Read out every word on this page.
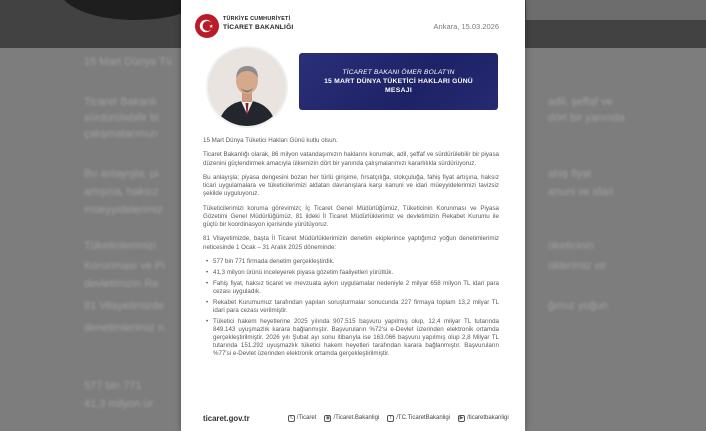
15 Mart Dünya Tü
Ticaret Bakanlı
sürdürülebilir bi
çalışmalarımızı
Bu anlayışla; pi
artışına, haksız
müeyyidelerimiz
Tüketicilerimizi
Korunması ve Pi
devletimizin Re
81 Vilayetimizde
denetimlerimiz n
577 bin 771
41,3 milyon ür
adil, şeffaf ve
dört bir yanında
ahiş fiyat
anuni ve idari
üketicinin
üklerimiz ve
ğımız yoğun
TÜRKİYE CUMHURİYETİ
TİCARET BAKANLIĞI	Ankara, 15.03.2026
TİCARET BAKANI ÖMER BOLAT'IN
15 MART DÜNYA TÜKETİCİ HAKLARI GÜNÜ
MESAJI

15 Mart Dünya Tüketici Hakları Günü kutlu olsun.

Ticaret Bakanlığı olarak, 86 milyon vatandaşımızın haklarını korumak, adil, şeffaf ve sürdürülebilir bir piyasa düzenini güçlendirmek amacıyla ülkemizin dört bir yanında çalışmalarımızı kararlılıkla sürdürüyoruz.

Bu anlayışla; piyasa dengesini bozan her türlü girişime, fırsatçılığa, stokçuluğa, fahiş fiyat artışına, haksız ticari uygulamalara ve tüketicilerimizi aldatan davranışlara karşı kanuni ve idari müeyyidelerimizi tavizsiz şekilde uyguluyoruz.

Tüketicilerimizi koruma görevimizi; İç Ticaret Genel Müdürlüğümüz, Tüketicinin Korunması ve Piyasa Gözetimi Genel Müdürlüğümüz, 81 ildeki İl Ticaret Müdürlüklerimiz ve devletimizin Rekabet Kurumu ile güçlü bir koordinasyon içerisinde yürütüyoruz.

81 Vilayetimizde, başta İl Ticaret Müdürlüklerimizin denetim ekiplerince yaptığımız yoğun denetimlerimiz neticesinde 1 Ocak – 31 Aralık 2025 döneminde:

• 577 bin 771 firmada denetim gerçekleştirdik.
• 41,3 milyon ürünü inceleyerek piyasa gözetim faaliyetleri yürüttük.
• Fahiş fiyat, haksız ticaret ve mevzuata aykırı uygulamalar nedeniyle 2 milyar 658 milyon TL idari para cezası uyguladık.
• Rekabet Kurumumuz tarafından yapılan soruşturmalar sonucunda 227 firmaya toplam 13,2 milyar TL idari para cezası verilmiştir.
• Tüketici hakem heyetlerine 2025 yılında 907.515 başvuru yapılmış olup, 12,4 milyar TL tutarında 849.143 uyuşmazlık karara bağlanmıştır. Başvuruların %72'si e-Devlet üzerinden elektronik ortamda gerçekleştirilmiştir. 2026 yılı Şubat ayı sonu itibarıyla ise 163.066 başvuru yapılmış olup 2,8 Milyar TL tutarında 151.292 uyuşmazlık tüketici hakem heyetleri tarafından karara bağlanmıştır. Başvuruların %77'si e-Devlet üzerinden elektronik ortamda gerçekleştirilmiştir.
ticaret.gov.tr	𝕏 /Ticaret ◉ /Ticaret.Bakanligi	f /TC.TicaretBakanligi	▶ /ticaretbakanligi
